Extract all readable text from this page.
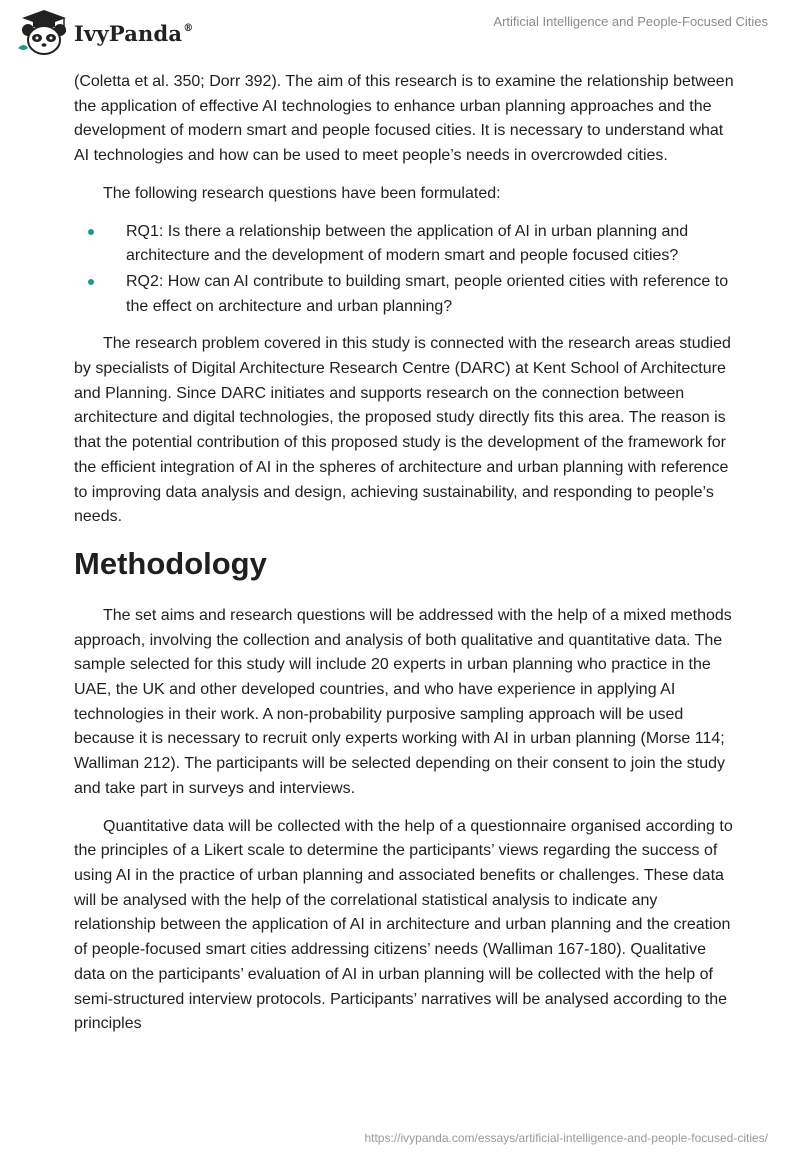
IvyPanda®	Artificial Intelligence and People-Focused Cities

(Coletta et al. 350; Dorr 392). The aim of this research is to examine the relationship between the application of effective AI technologies to enhance urban planning approaches and the development of modern smart and people focused cities. It is necessary to understand what AI technologies and how can be used to meet people’s needs in overcrowded cities.

The following research questions have been formulated:

RQ1: Is there a relationship between the application of AI in urban planning and architecture and the development of modern smart and people focused cities?
RQ2: How can AI contribute to building smart, people oriented cities with reference to the effect on architecture and urban planning?

The research problem covered in this study is connected with the research areas studied by specialists of Digital Architecture Research Centre (DARC) at Kent School of Architecture and Planning. Since DARC initiates and supports research on the connection between architecture and digital technologies, the proposed study directly fits this area. The reason is that the potential contribution of this proposed study is the development of the framework for the efficient integration of AI in the spheres of architecture and urban planning with reference to improving data analysis and design, achieving sustainability, and responding to people’s needs.

Methodology

The set aims and research questions will be addressed with the help of a mixed methods approach, involving the collection and analysis of both qualitative and quantitative data. The sample selected for this study will include 20 experts in urban planning who practice in the UAE, the UK and other developed countries, and who have experience in applying AI technologies in their work. A non-probability purposive sampling approach will be used because it is necessary to recruit only experts working with AI in urban planning (Morse 114; Walliman 212). The participants will be selected depending on their consent to join the study and take part in surveys and interviews.

Quantitative data will be collected with the help of a questionnaire organised according to the principles of a Likert scale to determine the participants’ views regarding the success of using AI in the practice of urban planning and associated benefits or challenges. These data will be analysed with the help of the correlational statistical analysis to indicate any relationship between the application of AI in architecture and urban planning and the creation of people-focused smart cities addressing citizens’ needs (Walliman 167-180). Qualitative data on the participants’ evaluation of AI in urban planning will be collected with the help of semi-structured interview protocols. Participants’ narratives will be analysed according to the principles

https://ivypanda.com/essays/artificial-intelligence-and-people-focused-cities/
